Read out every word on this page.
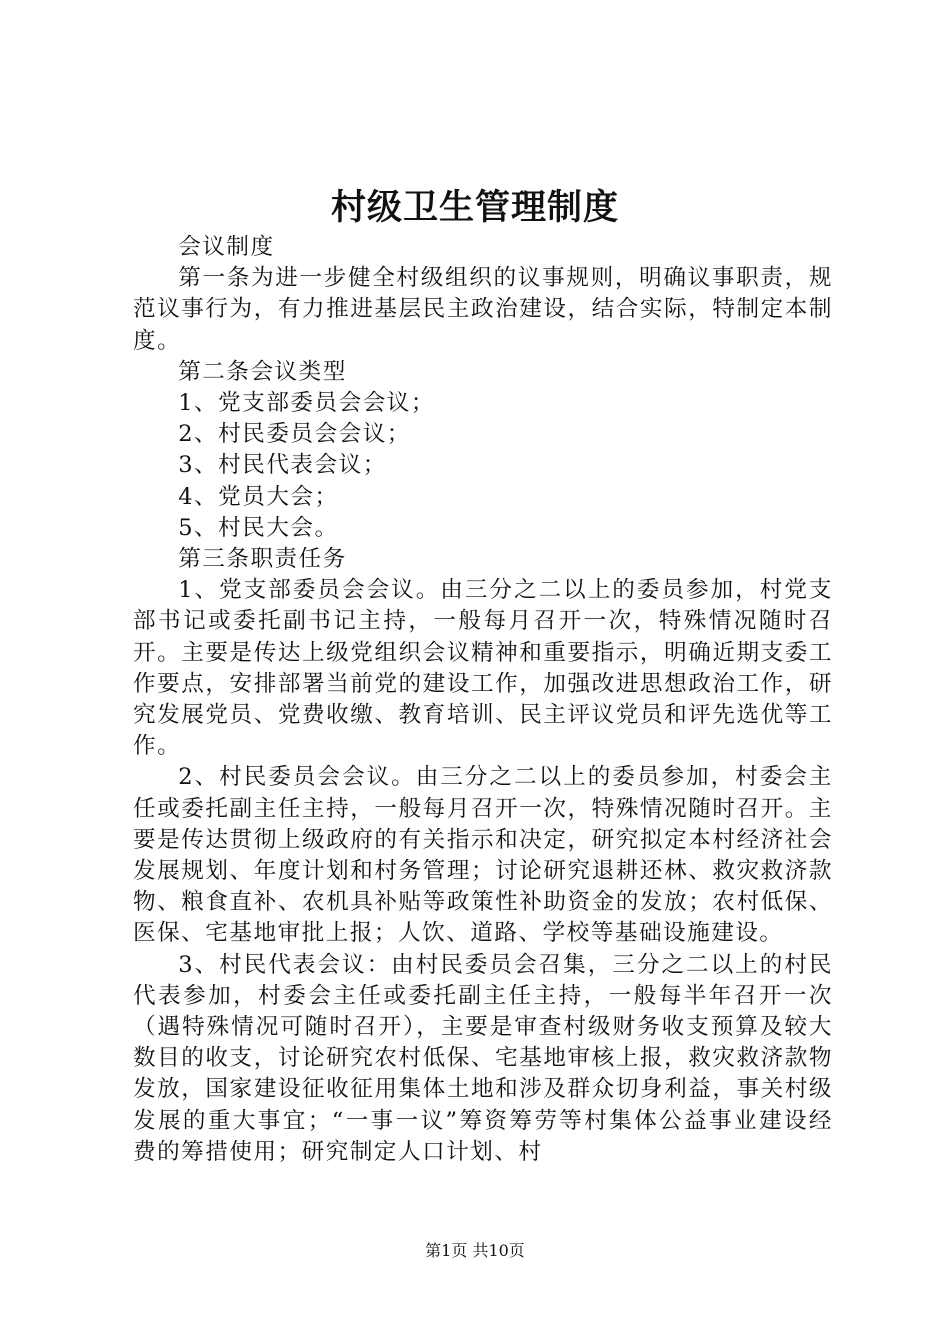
村级卫生管理制度

会议制度

第一条为进一步健全村级组织的议事规则，明确议事职责，规范议事行为，有力推进基层民主政治建设，结合实际，特制定本制度。

第二条会议类型

1、党支部委员会会议；

2、村民委员会会议；

3、村民代表会议；

4、党员大会；

5、村民大会。

第三条职责任务

1、党支部委员会会议。由三分之二以上的委员参加，村党支部书记或委托副书记主持，一般每月召开一次，特殊情况随时召开。主要是传达上级党组织会议精神和重要指示，明确近期支委工作要点，安排部署当前党的建设工作，加强改进思想政治工作，研究发展党员、党费收缴、教育培训、民主评议党员和评先选优等工作。

2、村民委员会会议。由三分之二以上的委员参加，村委会主任或委托副主任主持，一般每月召开一次，特殊情况随时召开。主要是传达贯彻上级政府的有关指示和决定，研究拟定本村经济社会发展规划、年度计划和村务管理；讨论研究退耕还林、救灾救济款物、粮食直补、农机具补贴等政策性补助资金的发放；农村低保、医保、宅基地审批上报；人饮、道路、学校等基础设施建设。

3、村民代表会议：由村民委员会召集，三分之二以上的村民代表参加，村委会主任或委托副主任主持，一般每半年召开一次（遇特殊情况可随时召开），主要是审查村级财务收支预算及较大数目的收支，讨论研究农村低保、宅基地审核上报，救灾救济款物发放，国家建设征收征用集体土地和涉及群众切身利益，事关村级发展的重大事宜；“一事一议”筹资筹劳等村集体公益事业建设经费的筹措使用；研究制定人口计划、村

第1页 共10页
